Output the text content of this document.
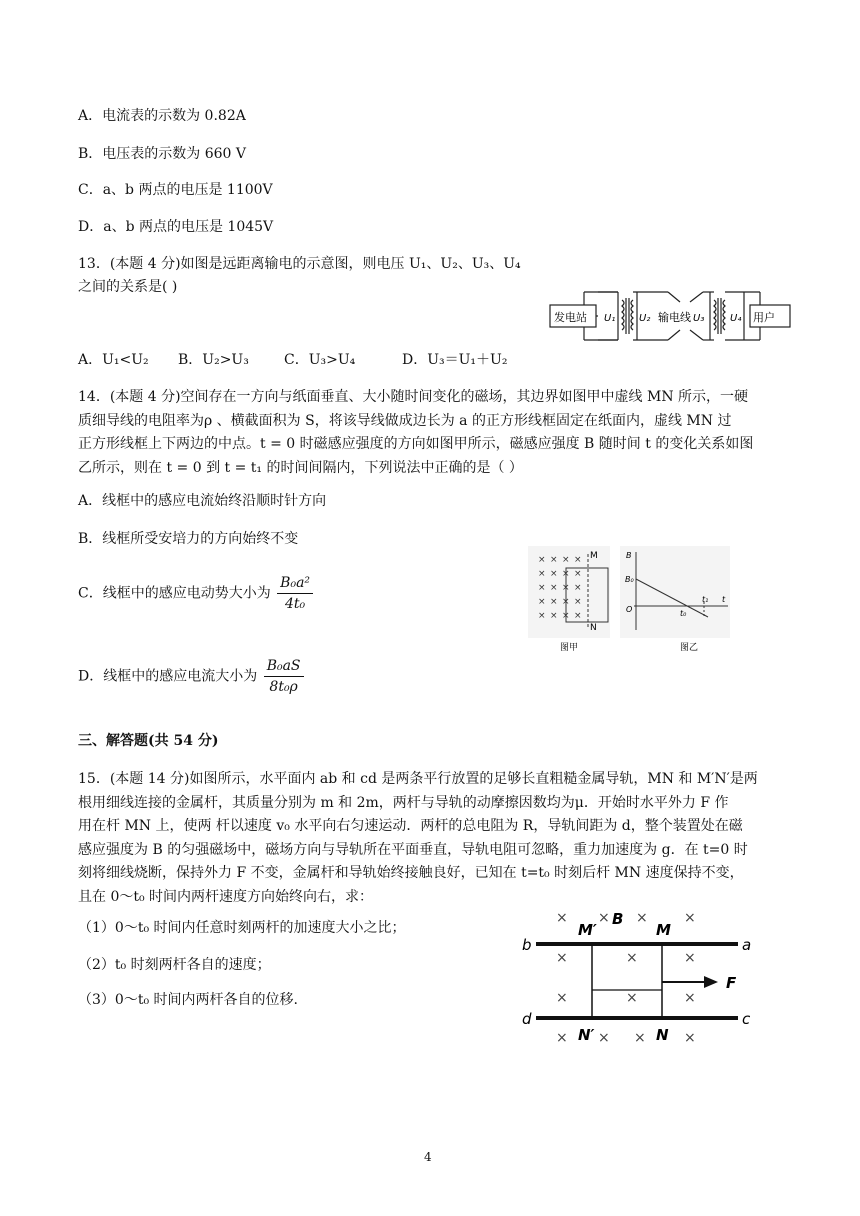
A．电流表的示数为 0.82A
B．电压表的示数为 660 V
C．a、b 两点的电压是 1100V
D．a、b 两点的电压是 1045V
13．(本题 4 分)如图是远距离输电的示意图，则电压 U₁、U₂、U₃、U₄
之间的关系是( )
发电站	用户
输电线
U₁ U₂	U₃	U₄
A．U₁<U₂ B．U₂>U₃	C．U₃>U₄	D．U₃＝U₁＋U₂
14．(本题 4 分)空间存在一方向与纸面垂直、大小随时间变化的磁场，其边界如图甲中虚线 MN 所示，一硬
质细导线的电阻率为ρ 、横截面积为 S，将该导线做成边长为 a 的正方形线框固定在纸面内，虚线 MN 过
正方形线框上下两边的中点。t = 0 时磁感应强度的方向如图甲所示，磁感应强度 B 随时间 t 的变化关系如图
乙所示，则在 t = 0 到 t = t₁ 的时间间隔内，下列说法中正确的是（ ）
A．线框中的感应电流始终沿顺时针方向
B．线框所受安培力的方向始终不变
C．线框中的感应电动势大小为 $\frac{\text{B₀a²}}{\text{4t₀}}$
D．线框中的感应电流大小为 $\frac{\text{B₀aS}}{\text{8t₀ρ}}$
× × × ×
× × × ×
× × × ×
× × × ×
× × × ×
M
N
图甲
B
B₀
O
t
t₀
t₁
图乙
三、解答题(共 54 分)
15．(本题 14 分)如图所示，水平面内 ab 和 cd 是两条平行放置的足够长直粗糙金属导轨，MN 和 M′N′是两
根用细线连接的金属杆，其质量分别为 m 和 2m，两杆与导轨的动摩擦因数均为μ．开始时水平外力 F 作
用在杆 MN 上，使两 杆以速度 v₀ 水平向右匀速运动．两杆的总电阻为 R，导轨间距为 d，整个装置处在磁
感应强度为 B 的匀强磁场中，磁场方向与导轨所在平面垂直，导轨电阻可忽略，重力加速度为 g．在 t=0 时
刻将细线烧断，保持外力 F 不变，金属杆和导轨始终接触良好，已知在 t=t₀ 时刻后杆 MN 速度保持不变，
且在 0～t₀ 时间内两杆速度方向始终向右，求：
（1）0～t₀ 时间内任意时刻两杆的加速度大小之比；
（2）t₀ 时刻两杆各自的速度；
（3）0～t₀ 时间内两杆各自的位移.
× × ×	×
×	×	×
×	×	×
× × ×	×
b	a
d	c
M′	M
N′	N
B
F
4
